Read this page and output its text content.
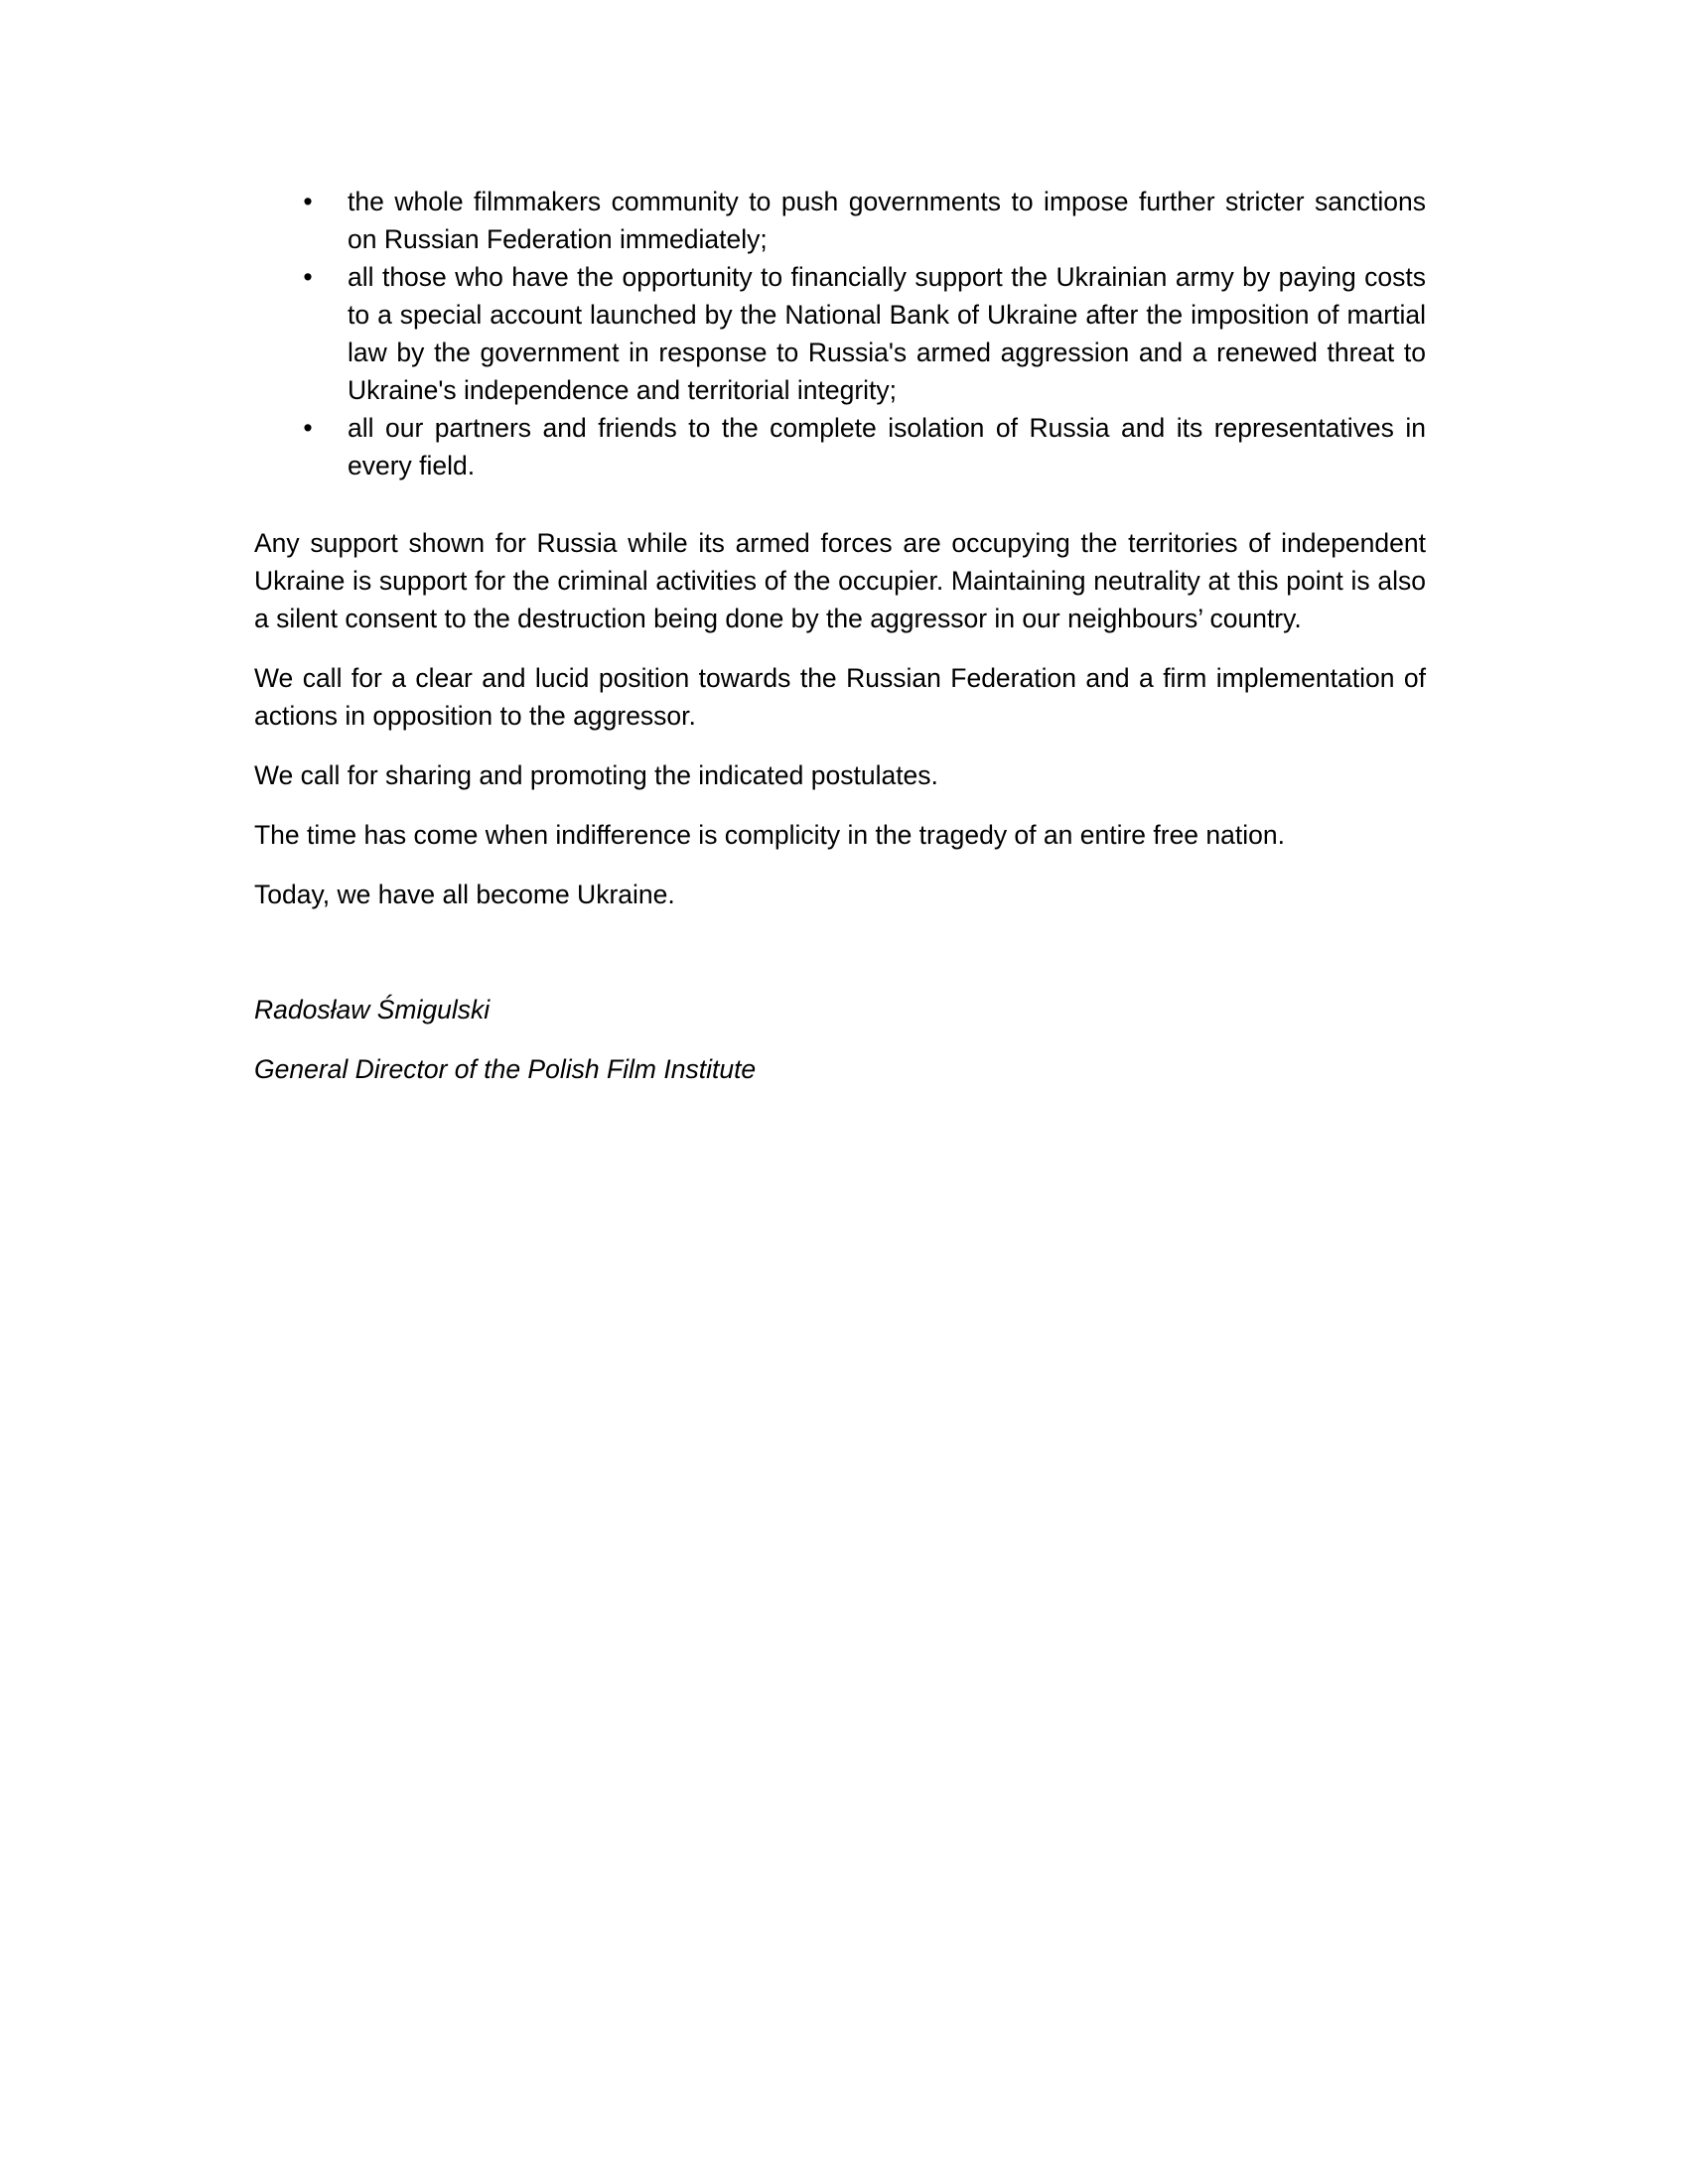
• the whole filmmakers community to push governments to impose further stricter sanctions on Russian Federation immediately;
• all those who have the opportunity to financially support the Ukrainian army by paying costs to a special account launched by the National Bank of Ukraine after the imposition of martial law by the government in response to Russia's armed aggression and a renewed threat to Ukraine's independence and territorial integrity;
• all our partners and friends to the complete isolation of Russia and its representatives in every field.

Any support shown for Russia while its armed forces are occupying the territories of independent Ukraine is support for the criminal activities of the occupier. Maintaining neutrality at this point is also a silent consent to the destruction being done by the aggressor in our neighbours’ country.

We call for a clear and lucid position towards the Russian Federation and a firm implementation of actions in opposition to the aggressor.

We call for sharing and promoting the indicated postulates.

The time has come when indifference is complicity in the tragedy of an entire free nation.

Today, we have all become Ukraine.

Radosław Śmigulski

General Director of the Polish Film Institute
